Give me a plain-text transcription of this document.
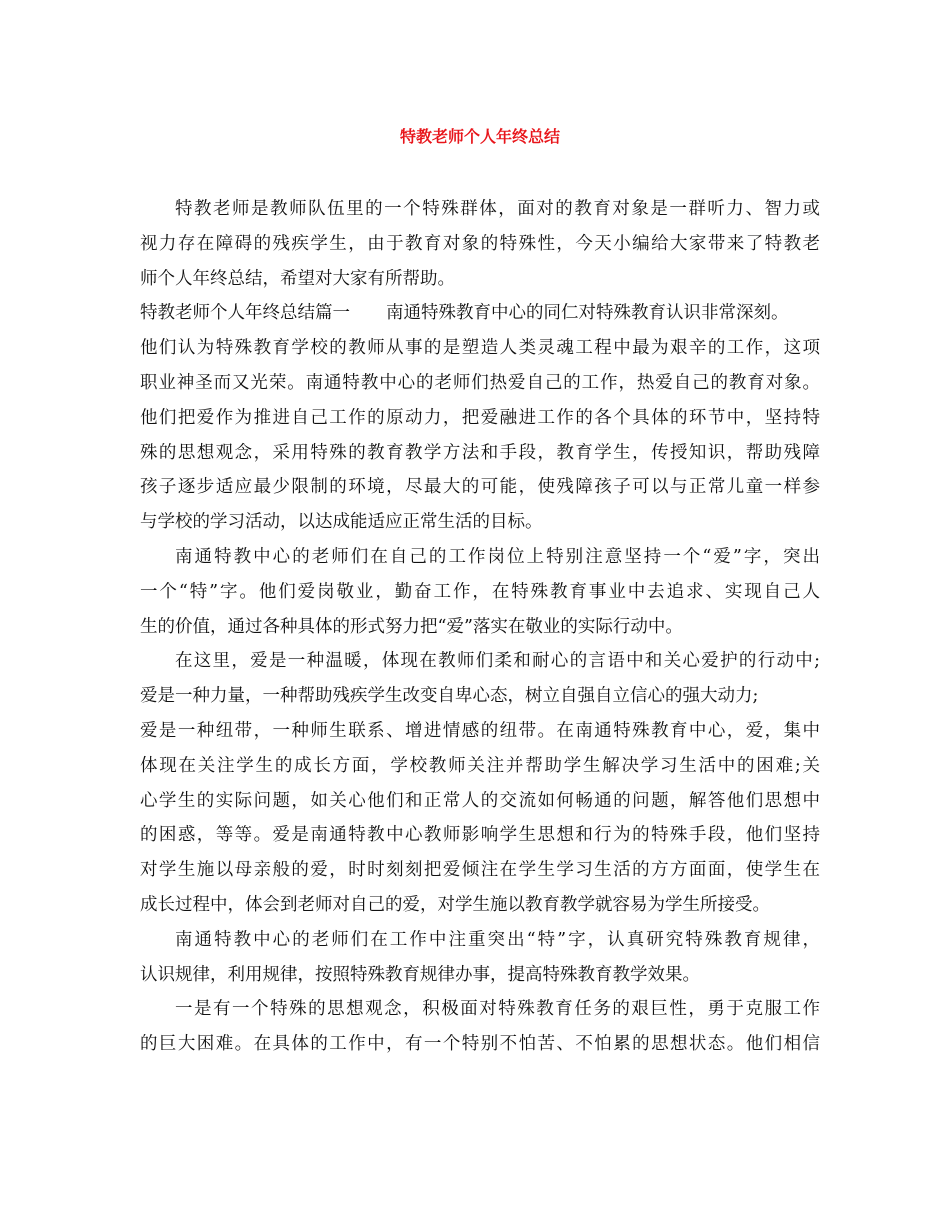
特教老师个人年终总结
特教老师是教师队伍里的一个特殊群体，面对的教育对象是一群听力、智力或
视力存在障碍的残疾学生，由于教育对象的特殊性，今天小编给大家带来了特教老
师个人年终总结，希望对大家有所帮助。
特教老师个人年终总结篇一 南通特殊教育中心的同仁对特殊教育认识非常深刻。
他们认为特殊教育学校的教师从事的是塑造人类灵魂工程中最为艰辛的工作，这项
职业神圣而又光荣。南通特教中心的老师们热爱自己的工作，热爱自己的教育对象。
他们把爱作为推进自己工作的原动力，把爱融进工作的各个具体的环节中，坚持特
殊的思想观念，采用特殊的教育教学方法和手段，教育学生，传授知识，帮助残障
孩子逐步适应最少限制的环境，尽最大的可能，使残障孩子可以与正常儿童一样参
与学校的学习活动，以达成能适应正常生活的目标。
南通特教中心的老师们在自己的工作岗位上特别注意坚持一个“爱”字，突出
一个“特”字。他们爱岗敬业，勤奋工作，在特殊教育事业中去追求、实现自己人
生的价值，通过各种具体的形式努力把“爱”落实在敬业的实际行动中。
在这里，爱是一种温暖，体现在教师们柔和耐心的言语中和关心爱护的行动中;
爱是一种力量，一种帮助残疾学生改变自卑心态，树立自强自立信心的强大动力;
爱是一种纽带，一种师生联系、增进情感的纽带。在南通特殊教育中心，爱，集中
体现在关注学生的成长方面，学校教师关注并帮助学生解决学习生活中的困难;关
心学生的实际问题，如关心他们和正常人的交流如何畅通的问题，解答他们思想中
的困惑，等等。爱是南通特教中心教师影响学生思想和行为的特殊手段，他们坚持
对学生施以母亲般的爱，时时刻刻把爱倾注在学生学习生活的方方面面，使学生在
成长过程中，体会到老师对自己的爱，对学生施以教育教学就容易为学生所接受。
南通特教中心的老师们在工作中注重突出“特”字，认真研究特殊教育规律，
认识规律，利用规律，按照特殊教育规律办事，提高特殊教育教学效果。
一是有一个特殊的思想观念，积极面对特殊教育任务的艰巨性，勇于克服工作
的巨大困难。在具体的工作中，有一个特别不怕苦、不怕累的思想状态。他们相信
